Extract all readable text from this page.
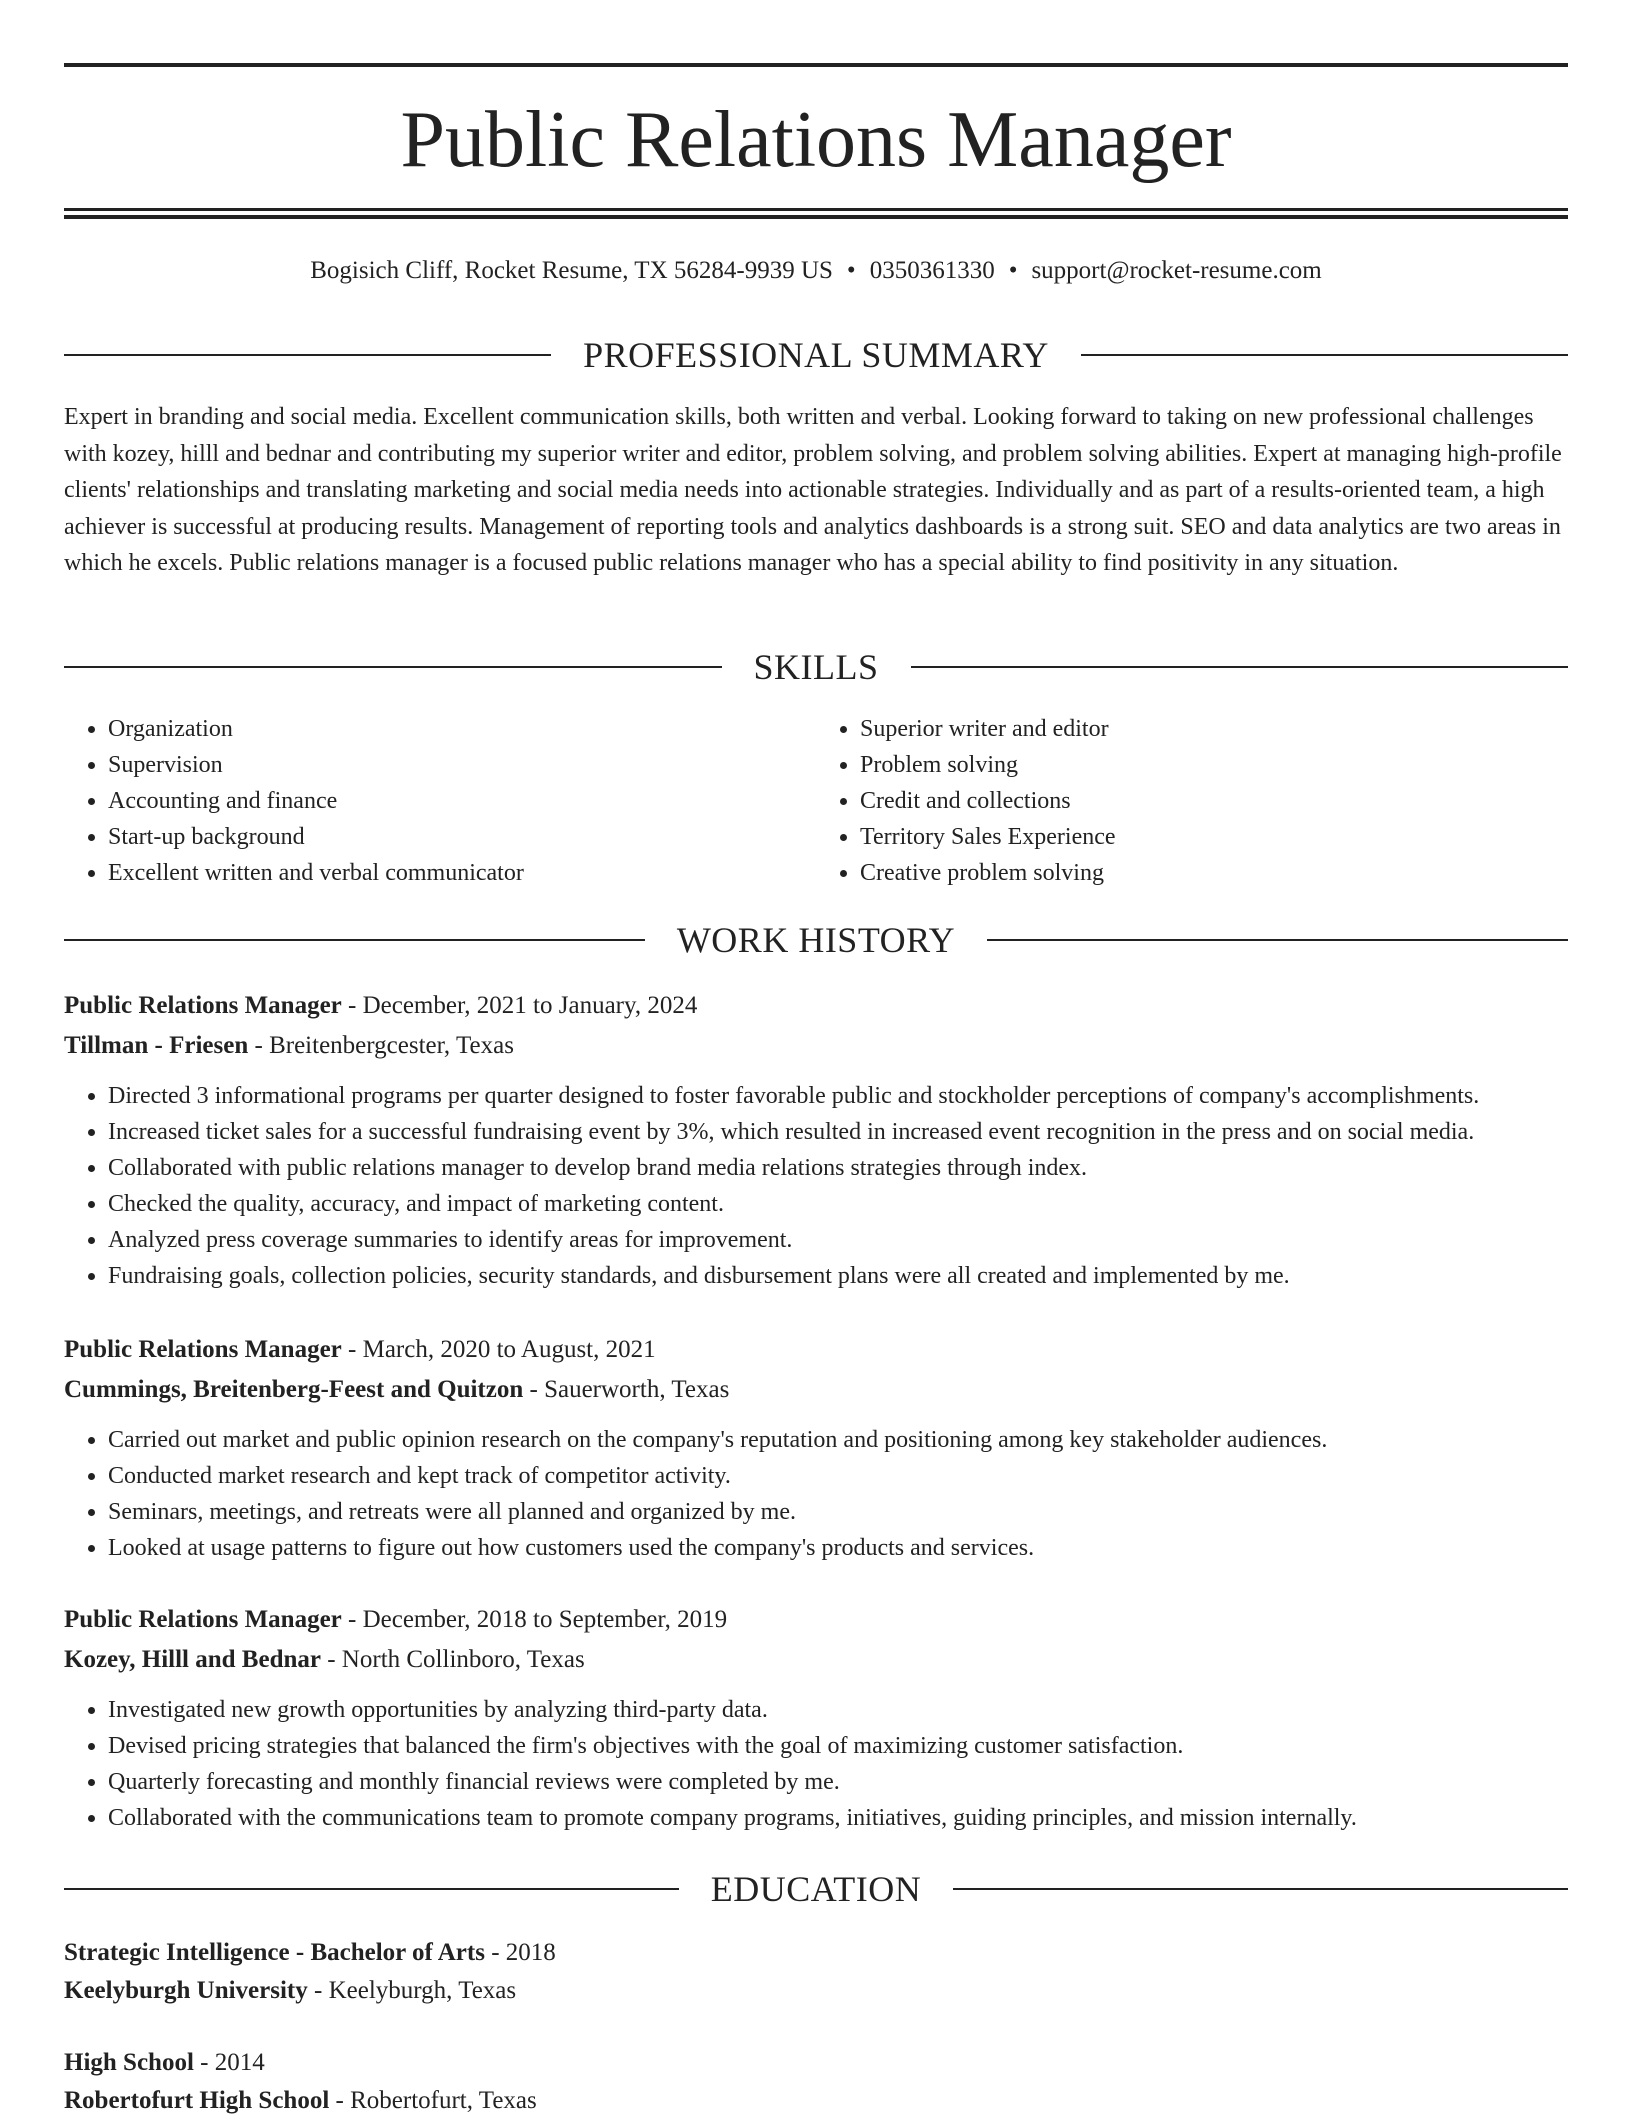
Public Relations Manager
Bogisich Cliff, Rocket Resume, TX 56284-9939 US • 0350361330 • support@rocket-resume.com
PROFESSIONAL SUMMARY

Expert in branding and social media. Excellent communication skills, both written and verbal. Looking forward to taking on new professional challenges with kozey, hilll and bednar and contributing my superior writer and editor, problem solving, and problem solving abilities. Expert at managing high-profile clients' relationships and translating marketing and social media needs into actionable strategies. Individually and as part of a results-oriented team, a high achiever is successful at producing results. Management of reporting tools and analytics dashboards is a strong suit. SEO and data analytics are two areas in which he excels. Public relations manager is a focused public relations manager who has a special ability to find positivity in any situation.

SKILLS
• Organization
• Supervision
• Accounting and finance
• Start-up background
• Excellent written and verbal communicator
• Superior writer and editor
• Problem solving
• Credit and collections
• Territory Sales Experience
• Creative problem solving
WORK HISTORY
Public Relations Manager - December, 2021 to January, 2024
Tillman - Friesen - Breitenbergcester, Texas
• Directed 3 informational programs per quarter designed to foster favorable public and stockholder perceptions of company's accomplishments.
• Increased ticket sales for a successful fundraising event by 3%, which resulted in increased event recognition in the press and on social media.
• Collaborated with public relations manager to develop brand media relations strategies through index.
• Checked the quality, accuracy, and impact of marketing content.
• Analyzed press coverage summaries to identify areas for improvement.
• Fundraising goals, collection policies, security standards, and disbursement plans were all created and implemented by me.
Public Relations Manager - March, 2020 to August, 2021
Cummings, Breitenberg-Feest and Quitzon - Sauerworth, Texas
• Carried out market and public opinion research on the company's reputation and positioning among key stakeholder audiences.
• Conducted market research and kept track of competitor activity.
• Seminars, meetings, and retreats were all planned and organized by me.
• Looked at usage patterns to figure out how customers used the company's products and services.
Public Relations Manager - December, 2018 to September, 2019
Kozey, Hilll and Bednar - North Collinboro, Texas
• Investigated new growth opportunities by analyzing third-party data.
• Devised pricing strategies that balanced the firm's objectives with the goal of maximizing customer satisfaction.
• Quarterly forecasting and monthly financial reviews were completed by me.
• Collaborated with the communications team to promote company programs, initiatives, guiding principles, and mission internally.
EDUCATION
Strategic Intelligence - Bachelor of Arts - 2018
Keelyburgh University - Keelyburgh, Texas
High School - 2014
Robertofurt High School - Robertofurt, Texas
